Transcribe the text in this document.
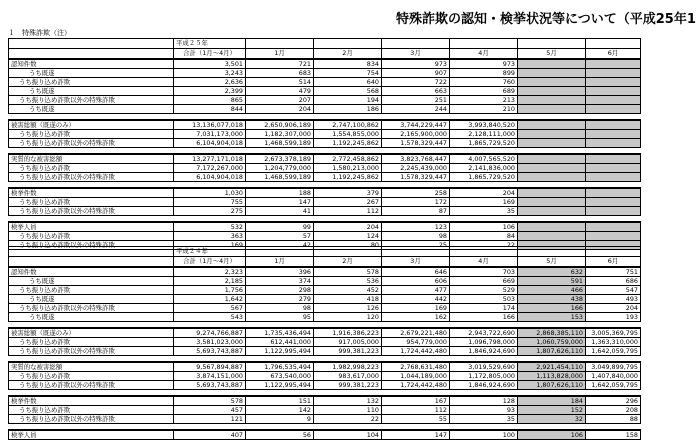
特殊詐欺の認知・検挙状況等について（平成25年1
１　特殊詐欺（注）
	平成２５年						
	合計（1月～4月）	1月	2月	3月	4月	5月	6月
認知件数	3,501	721	834	973	973		
うち既遂	3,243	683	754	907	899		
うち振り込め詐欺	2,636	514	640	722	760		
うち既遂	2,399	479	568	663	689		
うち振り込め詐欺以外の特殊詐欺	865	207	194	251	213		
うち既遂	844	204	186	244	210		

被害総額（既遂のみ）	13,136,077,018	2,650,906,189	2,747,100,862	3,744,229,447	3,993,840,520		
うち振り込め詐欺	7,031,173,000	1,182,307,000	1,554,855,000	2,165,900,000	2,128,111,000		
うち振り込め詐欺以外の特殊詐欺	6,104,904,018	1,468,599,189	1,192,245,862	1,578,329,447	1,865,729,520		

実質的な被害総額	13,277,171,018	2,673,378,189	2,772,458,862	3,823,768,447	4,007,565,520		
うち振り込め詐欺	7,172,267,000	1,204,779,000	1,580,213,000	2,245,439,000	2,141,836,000		
うち振り込め詐欺以外の特殊詐欺	6,104,904,018	1,468,599,189	1,192,245,862	1,578,329,447	1,865,729,520		

検挙件数	1,030	188	379	258	204		
うち振り込め詐欺	755	147	267	172	169		
うち振り込め詐欺以外の特殊詐欺	275	41	112	87	35		

検挙人員	532	99	204	123	106		
うち振り込め詐欺	363	57	124	98	84		
うち振り込め詐欺以外の特殊詐欺	169	42	80	25	22		
	平成２４年						
	合計（1月～4月）	1月	2月	3月	4月	5月	6月
認知件数	2,323	396	578	646	703	632	751
うち既遂	2,185	374	536	606	669	591	686
うち振り込め詐欺	1,756	298	452	477	529	466	547
うち既遂	1,642	279	418	442	503	438	493
うち振り込め詐欺以外の特殊詐欺	567	98	126	169	174	166	204
うち既遂	543	95	120	162	166	153	193

被害総額（既遂のみ）	9,274,766,887	1,735,436,494	1,916,386,223	2,679,221,480	2,943,722,690	2,868,385,110	3,005,369,795
うち振り込め詐欺	3,581,023,000	612,441,000	917,005,000	954,779,000	1,096,798,000	1,060,759,000	1,363,310,000
うち振り込め詐欺以外の特殊詐欺	5,693,743,887	1,122,995,494	999,381,223	1,724,442,480	1,846,924,690	1,807,626,110	1,642,059,795

実質的な被害総額	9,567,894,887	1,796,535,494	1,982,998,223	2,768,631,480	3,019,529,690	2,921,454,110	3,049,899,795
うち振り込め詐欺	3,874,151,000	673,540,000	983,617,000	1,044,189,000	1,172,805,000	1,113,828,000	1,407,840,000
うち振り込め詐欺以外の特殊詐欺	5,693,743,887	1,122,995,494	999,381,223	1,724,442,480	1,846,924,690	1,807,626,110	1,642,059,795

検挙件数	578	151	132	167	128	184	296
うち振り込め詐欺	457	142	110	112	93	152	208
うち振り込め詐欺以外の特殊詐欺	121	9	22	55	35	32	88

検挙人員	407	56	104	147	100	106	158
